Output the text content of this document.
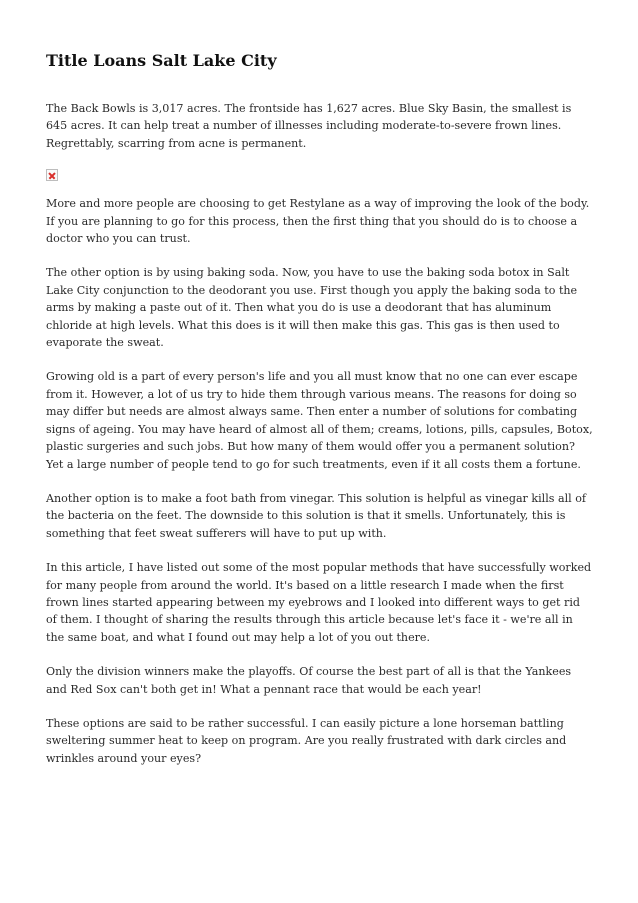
Title Loans Salt Lake City

The Back Bowls is 3,017 acres. The frontside has 1,627 acres. Blue Sky Basin, the smallest is 645 acres. It can help treat a number of illnesses including moderate-to-severe frown lines. Regrettably, scarring from acne is permanent.

More and more people are choosing to get Restylane as a way of improving the look of the body. If you are planning to go for this process, then the first thing that you should do is to choose a doctor who you can trust.

The other option is by using baking soda. Now, you have to use the baking soda botox in Salt Lake City conjunction to the deodorant you use. First though you apply the baking soda to the arms by making a paste out of it. Then what you do is use a deodorant that has aluminum chloride at high levels. What this does is it will then make this gas. This gas is then used to evaporate the sweat.

Growing old is a part of every person's life and you all must know that no one can ever escape from it. However, a lot of us try to hide them through various means. The reasons for doing so may differ but needs are almost always same. Then enter a number of solutions for combating signs of ageing. You may have heard of almost all of them; creams, lotions, pills, capsules, Botox, plastic surgeries and such jobs. But how many of them would offer you a permanent solution? Yet a large number of people tend to go for such treatments, even if it all costs them a fortune.

Another option is to make a foot bath from vinegar. This solution is helpful as vinegar kills all of the bacteria on the feet. The downside to this solution is that it smells. Unfortunately, this is something that feet sweat sufferers will have to put up with.

In this article, I have listed out some of the most popular methods that have successfully worked for many people from around the world. It's based on a little research I made when the first frown lines started appearing between my eyebrows and I looked into different ways to get rid of them. I thought of sharing the results through this article because let's face it - we're all in the same boat, and what I found out may help a lot of you out there.

Only the division winners make the playoffs. Of course the best part of all is that the Yankees and Red Sox can't both get in! What a pennant race that would be each year!

These options are said to be rather successful. I can easily picture a lone horseman battling sweltering summer heat to keep on program. Are you really frustrated with dark circles and wrinkles around your eyes?
